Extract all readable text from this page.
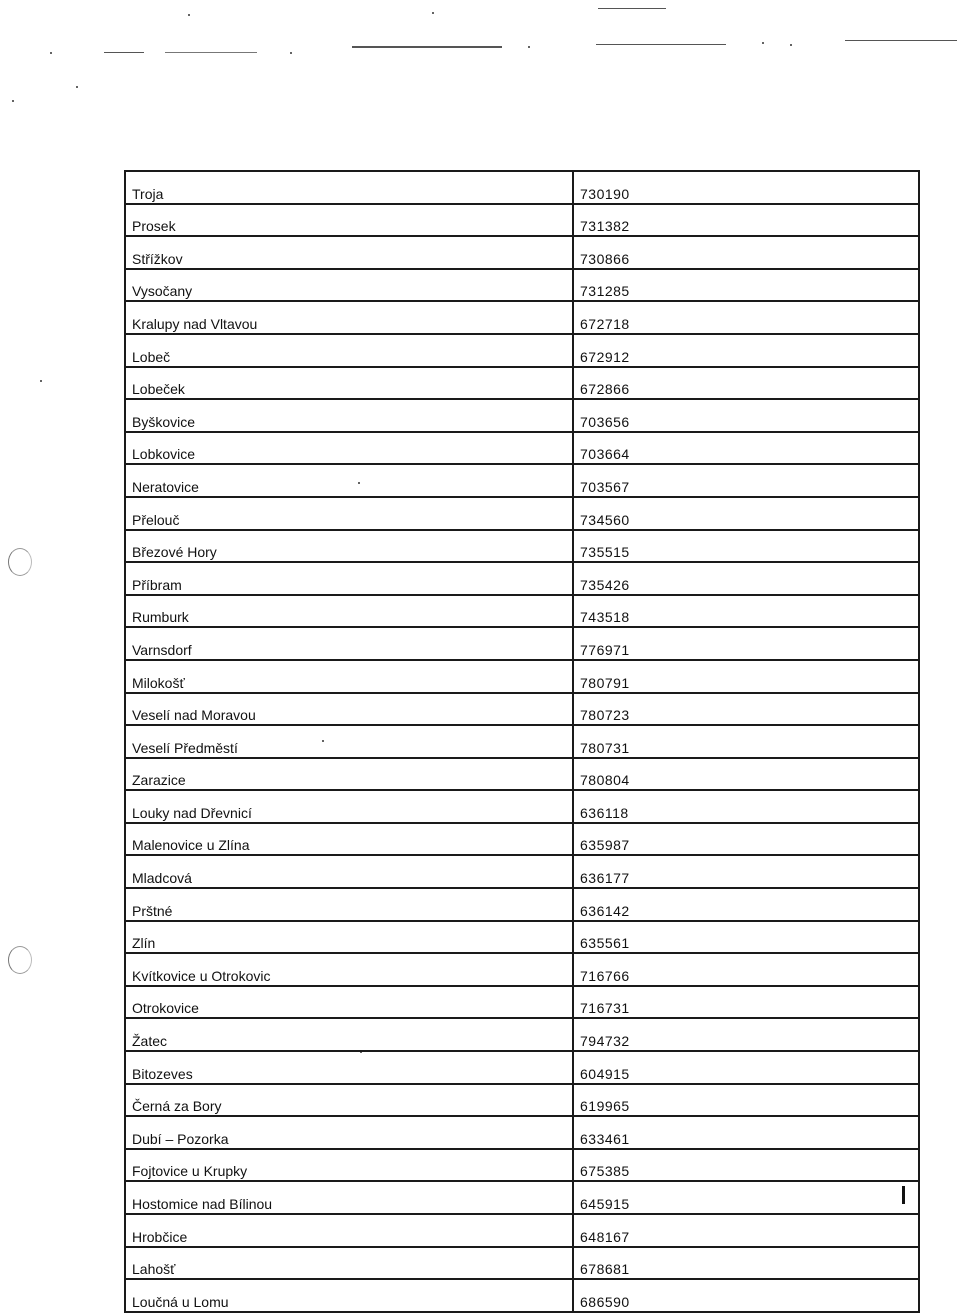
Troja	730190
Prosek	731382
Střížkov	730866
Vysočany	731285
Kralupy nad Vltavou	672718
Lobeč	672912
Lobeček	672866
Byškovice	703656
Lobkovice	703664
Neratovice	703567
Přelouč	734560
Březové Hory	735515
Příbram	735426
Rumburk	743518
Varnsdorf	776971
Milokošť	780791
Veselí nad Moravou	780723
Veselí Předměstí	780731
Zarazice	780804
Louky nad Dřevnicí	636118
Malenovice u Zlína	635987
Mladcová	636177
Prštné	636142
Zlín	635561
Kvítkovice u Otrokovic	716766
Otrokovice	716731
Žatec	794732
Bitozeves	604915
Černá za Bory	619965
Dubí – Pozorka	633461
Fojtovice u Krupky	675385
Hostomice nad Bílinou	645915
Hrobčice	648167
Lahošť	678681
Loučná u Lomu	686590
